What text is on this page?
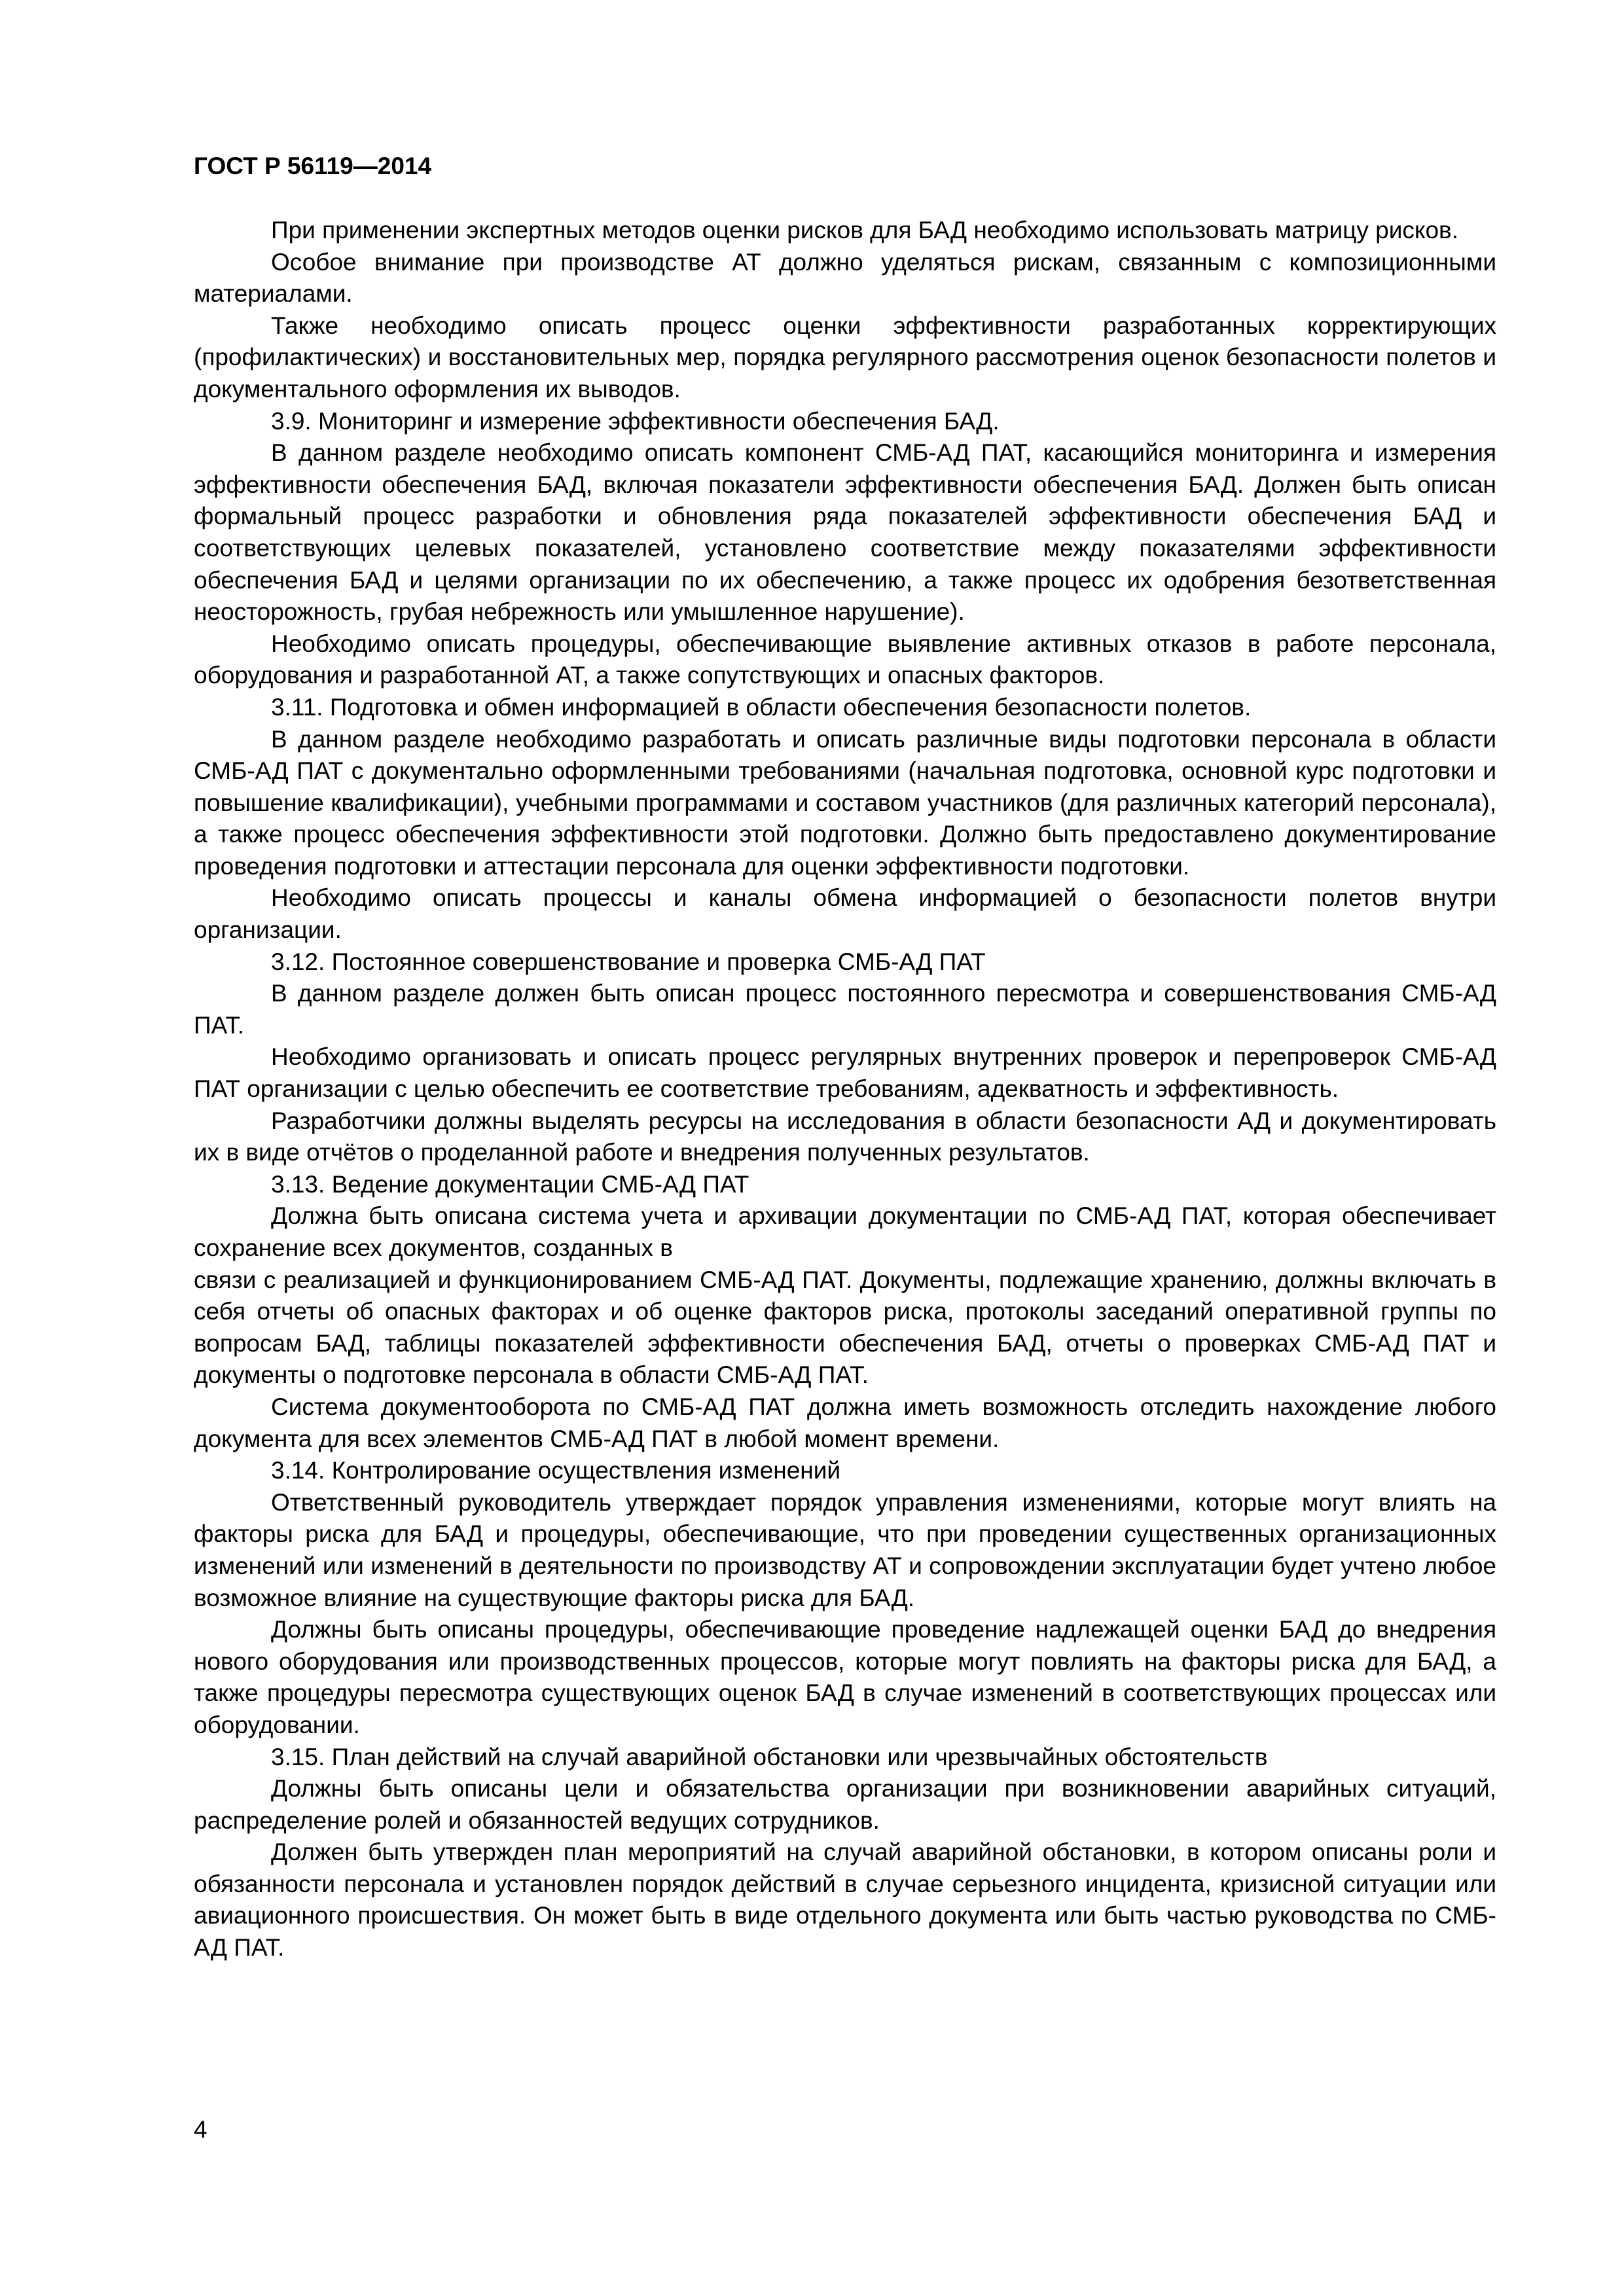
ГОСТ Р 56119—2014

При применении экспертных методов оценки рисков для БАД необходимо использовать матрицу рисков.

Особое внимание при производстве АТ должно уделяться рискам, связанным с композиционными материалами.

Также необходимо описать процесс оценки эффективности разработанных корректирующих (профилактических) и восстановительных мер, порядка регулярного рассмотрения оценок безопасности полетов и документального оформления их выводов.

3.9. Мониторинг и измерение эффективности обеспечения БАД.

В данном разделе необходимо описать компонент СМБ-АД ПАТ, касающийся мониторинга и измерения эффективности обеспечения БАД, включая показатели эффективности обеспечения БАД. Должен быть описан формальный процесс разработки и обновления ряда показателей эффективности обеспечения БАД и соответствующих целевых показателей, установлено соответствие между показателями эффективности обеспечения БАД и целями организации по их обеспечению, а также процесс их одобрения безответственная неосторожность, грубая небрежность или умышленное нарушение).

Необходимо описать процедуры, обеспечивающие выявление активных отказов в работе персонала, оборудования и разработанной АТ, а также сопутствующих и опасных факторов.

3.11. Подготовка и обмен информацией в области обеспечения безопасности полетов.

В данном разделе необходимо разработать и описать различные виды подготовки персонала в области СМБ-АД ПАТ с документально оформленными требованиями (начальная подготовка, основной курс подготовки и повышение квалификации), учебными программами и составом участников (для различных категорий персонала), а также процесс обеспечения эффективности этой подготовки. Должно быть предоставлено документирование проведения подготовки и аттестации персонала для оценки эффективности подготовки.

Необходимо описать процессы и каналы обмена информацией о безопасности полетов внутри организации.

3.12. Постоянное совершенствование и проверка СМБ-АД ПАТ

В данном разделе должен быть описан процесс постоянного пересмотра и совершенствования СМБ-АД ПАТ.

Необходимо организовать и описать процесс регулярных внутренних проверок и перепроверок СМБ-АД ПАТ организации с целью обеспечить ее соответствие требованиям, адекватность и эффективность.

Разработчики должны выделять ресурсы на исследования в области безопасности АД и документировать их в виде отчётов о проделанной работе и внедрения полученных результатов.

3.13. Ведение документации СМБ-АД ПАТ

Должна быть описана система учета и архивации документации по СМБ-АД ПАТ, которая обеспечивает сохранение всех документов, созданных в

связи с реализацией и функционированием СМБ-АД ПАТ. Документы, подлежащие хранению, должны включать в себя отчеты об опасных факторах и об оценке факторов риска, протоколы заседаний оперативной группы по вопросам БАД, таблицы показателей эффективности обеспечения БАД, отчеты о проверках СМБ-АД ПАТ и документы о подготовке персонала в области СМБ-АД ПАТ.

Система документооборота по СМБ-АД ПАТ должна иметь возможность отследить нахождение любого документа для всех элементов СМБ-АД ПАТ в любой момент времени.

3.14. Контролирование осуществления изменений

Ответственный руководитель утверждает порядок управления изменениями, которые могут влиять на факторы риска для БАД и процедуры, обеспечивающие, что при проведении существенных организационных изменений или изменений в деятельности по производству АТ и сопровождении эксплуатации будет учтено любое возможное влияние на существующие факторы риска для БАД.

Должны быть описаны процедуры, обеспечивающие проведение надлежащей оценки БАД до внедрения нового оборудования или производственных процессов, которые могут повлиять на факторы риска для БАД, а также процедуры пересмотра существующих оценок БАД в случае изменений в соответствующих процессах или оборудовании.

3.15. План действий на случай аварийной обстановки или чрезвычайных обстоятельств

Должны быть описаны цели и обязательства организации при возникновении аварийных ситуаций, распределение ролей и обязанностей ведущих сотрудников.

Должен быть утвержден план мероприятий на случай аварийной обстановки, в котором описаны роли и обязанности персонала и установлен порядок действий в случае серьезного инцидента, кризисной ситуации или авиационного происшествия. Он может быть в виде отдельного документа или быть частью руководства по СМБ-АД ПАТ.

4
